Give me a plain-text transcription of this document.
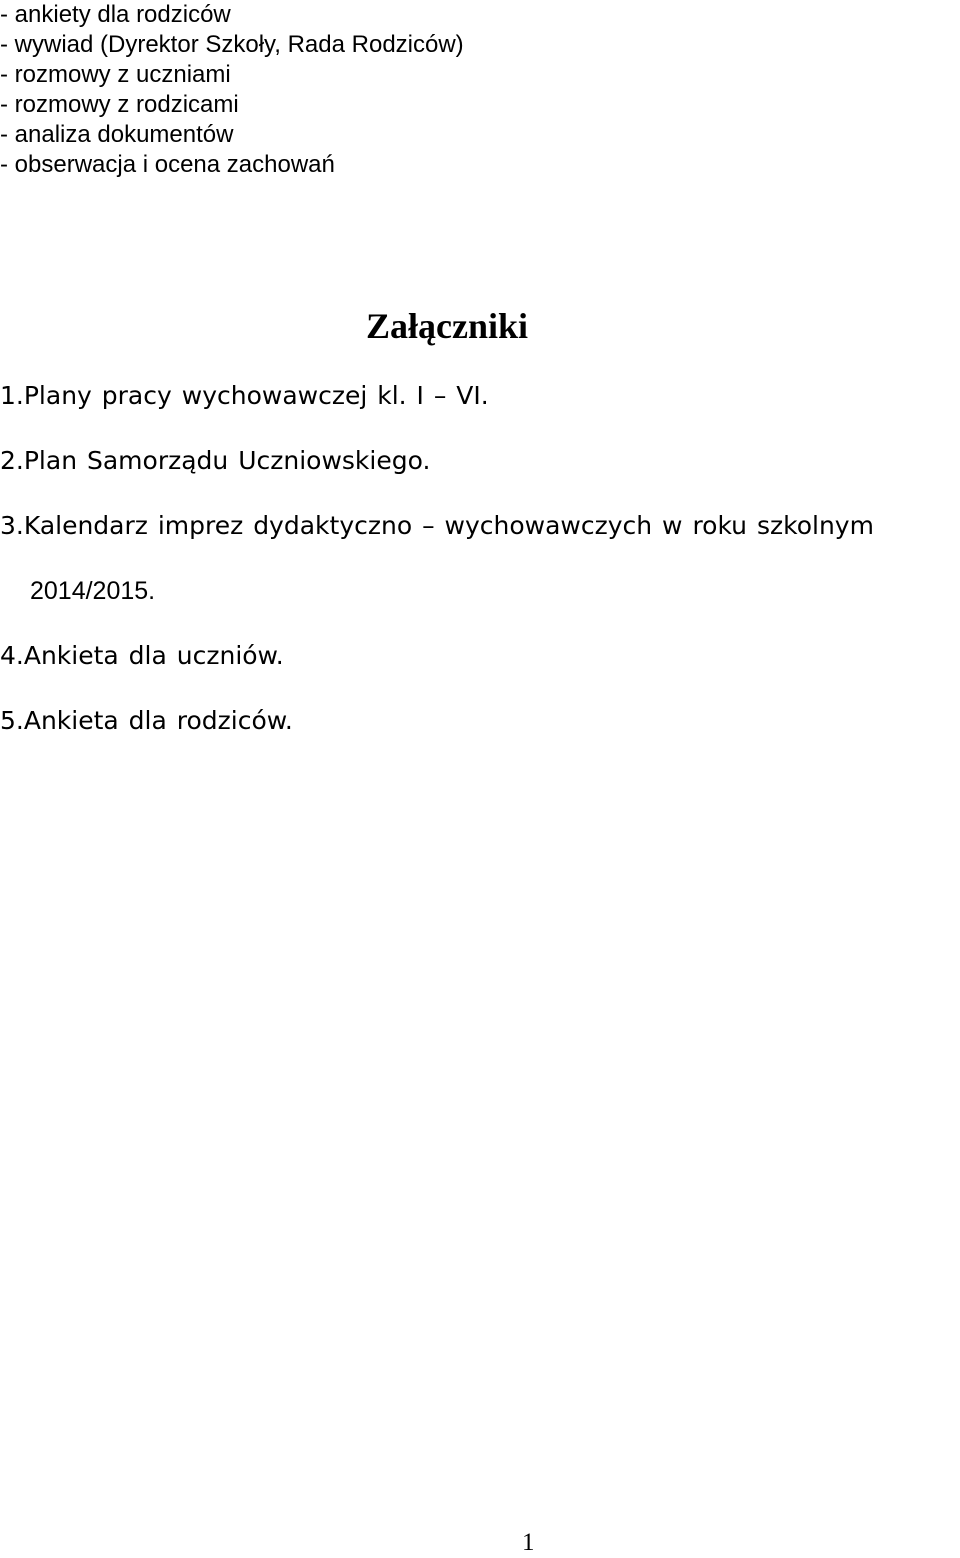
- ankiety dla rodziców
- wywiad (Dyrektor Szkoły, Rada Rodziców)
- rozmowy z uczniami
- rozmowy z rodzicami
- analiza dokumentów
- obserwacja i ocena zachowań
Załączniki
1.Plany pracy wychowawczej kl. I – VI.
2.Plan Samorządu Uczniowskiego.
3.Kalendarz imprez dydaktyczno – wychowawczych w roku szkolnym
2014/2015.
4.Ankieta dla uczniów.
5.Ankieta dla rodziców.
1
